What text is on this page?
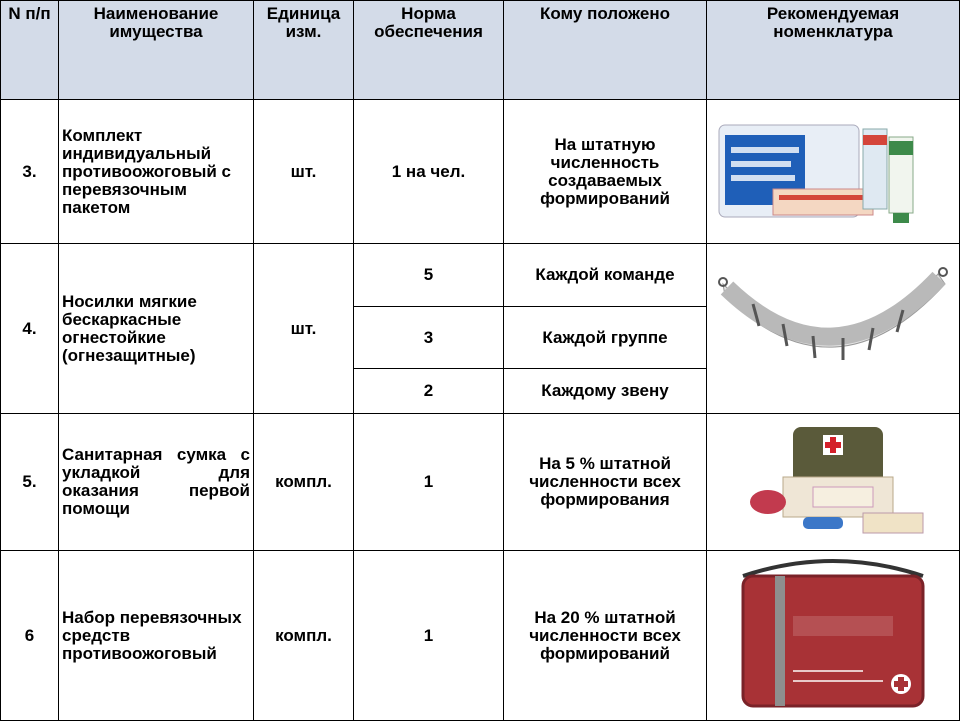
N п/п	Наименование имущества	Единица изм.	Норма обеспечения	Кому положено	Рекомендуемая номенклатура
3.	Комплект индивидуальный противоожоговый с перевязочным пакетом	шт.	1 на чел.	На штатную численность создаваемых формирований	

4.	Носилки мягкие бескаркасные огнестойкие (огнезащитные)	шт.	5	Каждой команде	

			3	Каждой группе	
			2	Каждому звену	
5.	Санитарная сумка с укладкой для оказания первой помощи	компл.	1	На 5 % штатной численности всех формирования	

6	Набор перевязочных средств противоожоговый	компл.	1	На 20 % штатной численности всех формирований	
